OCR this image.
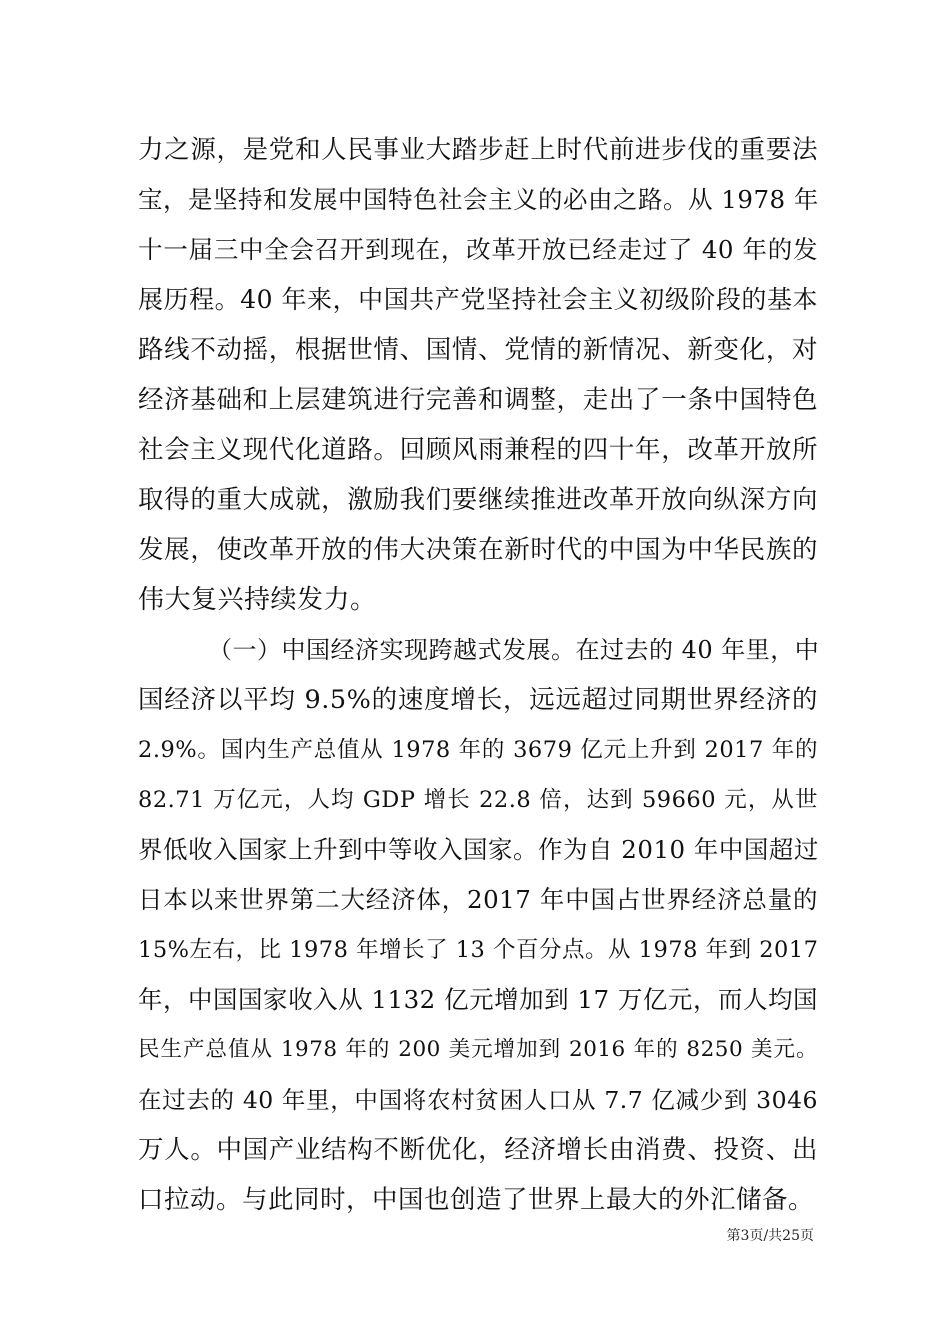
力之源，是党和人民事业大踏步赶上时代前进步伐的重要法
宝，是坚持和发展中国特色社会主义的必由之路。从 1978 年
十一届三中全会召开到现在，改革开放已经走过了 40 年的发
展历程。40 年来，中国共产党坚持社会主义初级阶段的基本
路线不动摇，根据世情、国情、党情的新情况、新变化，对
经济基础和上层建筑进行完善和调整，走出了一条中国特色
社会主义现代化道路。回顾风雨兼程的四十年，改革开放所
取得的重大成就，激励我们要继续推进改革开放向纵深方向
发展，使改革开放的伟大决策在新时代的中国为中华民族的
伟大复兴持续发力。
（一）中国经济实现跨越式发展。在过去的 40 年里，中
国经济以平均 9.5%的速度增长，远远超过同期世界经济的
2.9%。国内生产总值从 1978 年的 3679 亿元上升到 2017 年的
82.71 万亿元，人均 GDP 增长 22.8 倍，达到 59660 元，从世
界低收入国家上升到中等收入国家。作为自 2010 年中国超过
日本以来世界第二大经济体，2017 年中国占世界经济总量的
15%左右，比 1978 年增长了 13 个百分点。从 1978 年到 2017
年，中国国家收入从 1132 亿元增加到 17 万亿元，而人均国
民生产总值从 1978 年的 200 美元增加到 2016 年的 8250 美元。
在过去的 40 年里，中国将农村贫困人口从 7.7 亿减少到 3046
万人。中国产业结构不断优化，经济增长由消费、投资、出
口拉动。与此同时，中国也创造了世界上最大的外汇储备。
第3页/共25页
